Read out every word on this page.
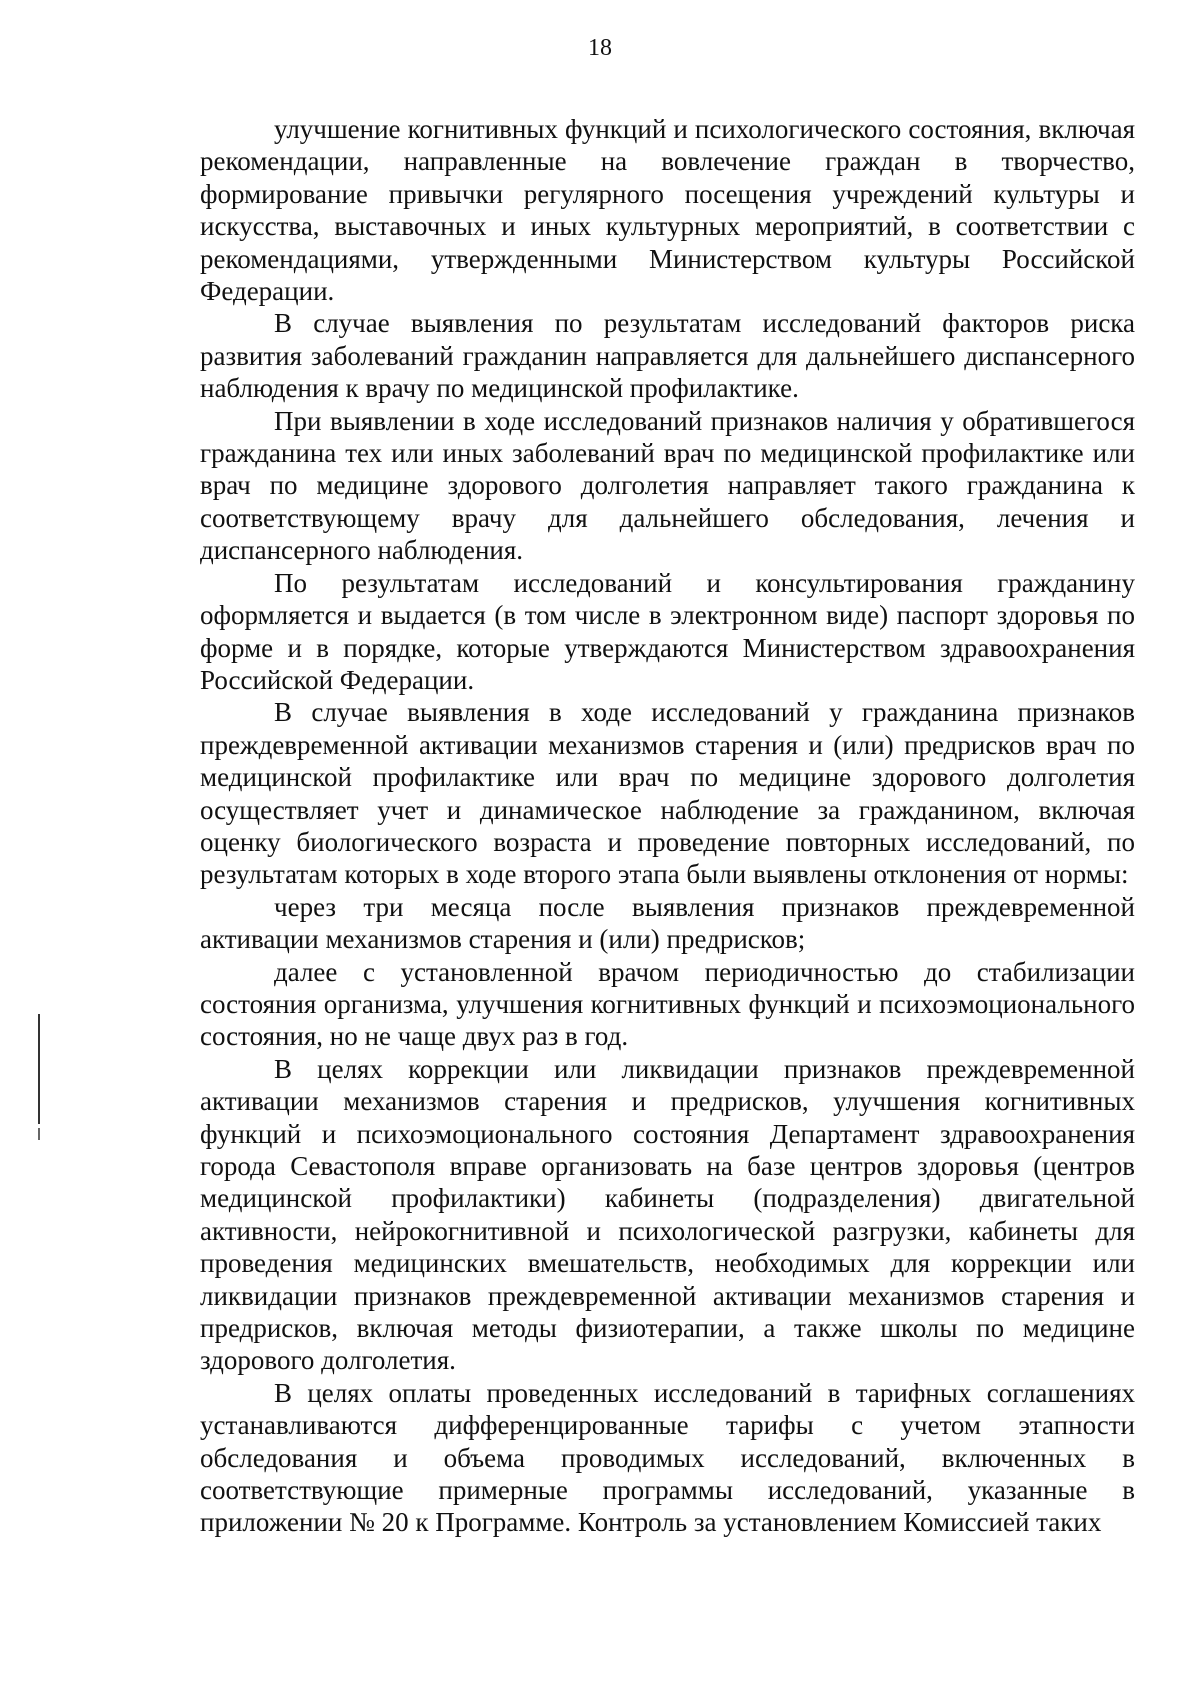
18

улучшение когнитивных функций и психологического состояния, включая рекомендации, направленные на вовлечение граждан в творчество, формирование привычки регулярного посещения учреждений культуры и искусства, выставочных и иных культурных мероприятий, в соответствии с рекомендациями, утвержденными Министерством культуры Российской Федерации.

В случае выявления по результатам исследований факторов риска развития заболеваний гражданин направляется для дальнейшего диспансерного наблюдения к врачу по медицинской профилактике.

При выявлении в ходе исследований признаков наличия у обратившегося гражданина тех или иных заболеваний врач по медицинской профилактике или врач по медицине здорового долголетия направляет такого гражданина к соответствующему врачу для дальнейшего обследования, лечения и диспансерного наблюдения.

По результатам исследований и консультирования гражданину оформляется и выдается (в том числе в электронном виде) паспорт здоровья по форме и в порядке, которые утверждаются Министерством здравоохранения Российской Федерации.

В случае выявления в ходе исследований у гражданина признаков преждевременной активации механизмов старения и (или) предрисков врач по медицинской профилактике или врач по медицине здорового долголетия осуществляет учет и динамическое наблюдение за гражданином, включая оценку биологического возраста и проведение повторных исследований, по результатам которых в ходе второго этапа были выявлены отклонения от нормы:

через три месяца после выявления признаков преждевременной активации механизмов старения и (или) предрисков;

далее с установленной врачом периодичностью до стабилизации состояния организма, улучшения когнитивных функций и психоэмоционального состояния, но не чаще двух раз в год.

В целях коррекции или ликвидации признаков преждевременной активации механизмов старения и предрисков, улучшения когнитивных функций и психоэмоционального состояния Департамент здравоохранения города Севастополя вправе организовать на базе центров здоровья (центров медицинской профилактики) кабинеты (подразделения) двигательной активности, нейрокогнитивной и психологической разгрузки, кабинеты для проведения медицинских вмешательств, необходимых для коррекции или ликвидации признаков преждевременной активации механизмов старения и предрисков, включая методы физиотерапии, а также школы по медицине здорового долголетия.

В целях оплаты проведенных исследований в тарифных соглашениях устанавливаются дифференцированные тарифы с учетом этапности обследования и объема проводимых исследований, включенных в соответствующие примерные программы исследований, указанные в приложении № 20 к Программе. Контроль за установлением Комиссией таких
